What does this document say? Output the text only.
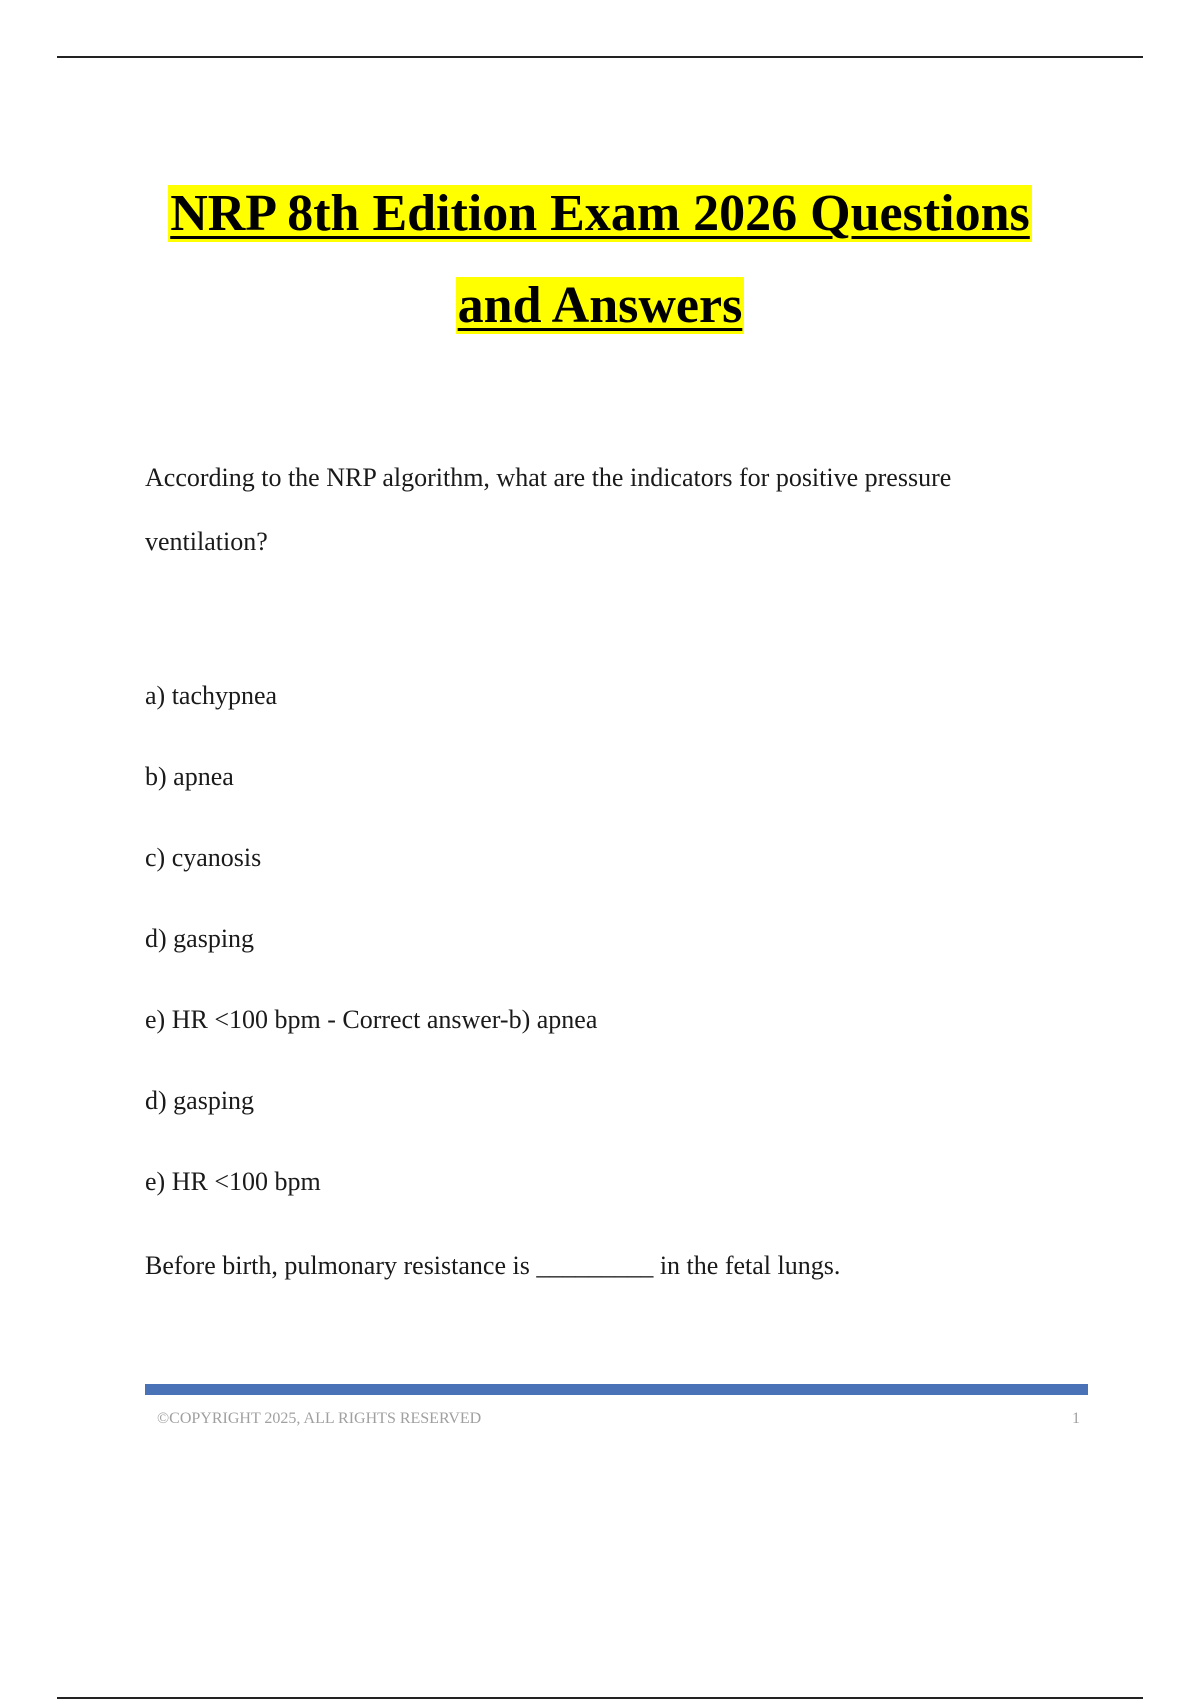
NRP 8th Edition Exam 2026 Questions
and Answers

According to the NRP algorithm, what are the indicators for positive pressure ventilation?

a) tachypnea
b) apnea
c) cyanosis
d) gasping
e) HR <100 bpm - Correct answer-b) apnea
d) gasping
e) HR <100 bpm

Before birth, pulmonary resistance is _________ in the fetal lungs.

©COPYRIGHT 2025, ALL RIGHTS RESERVED	1
